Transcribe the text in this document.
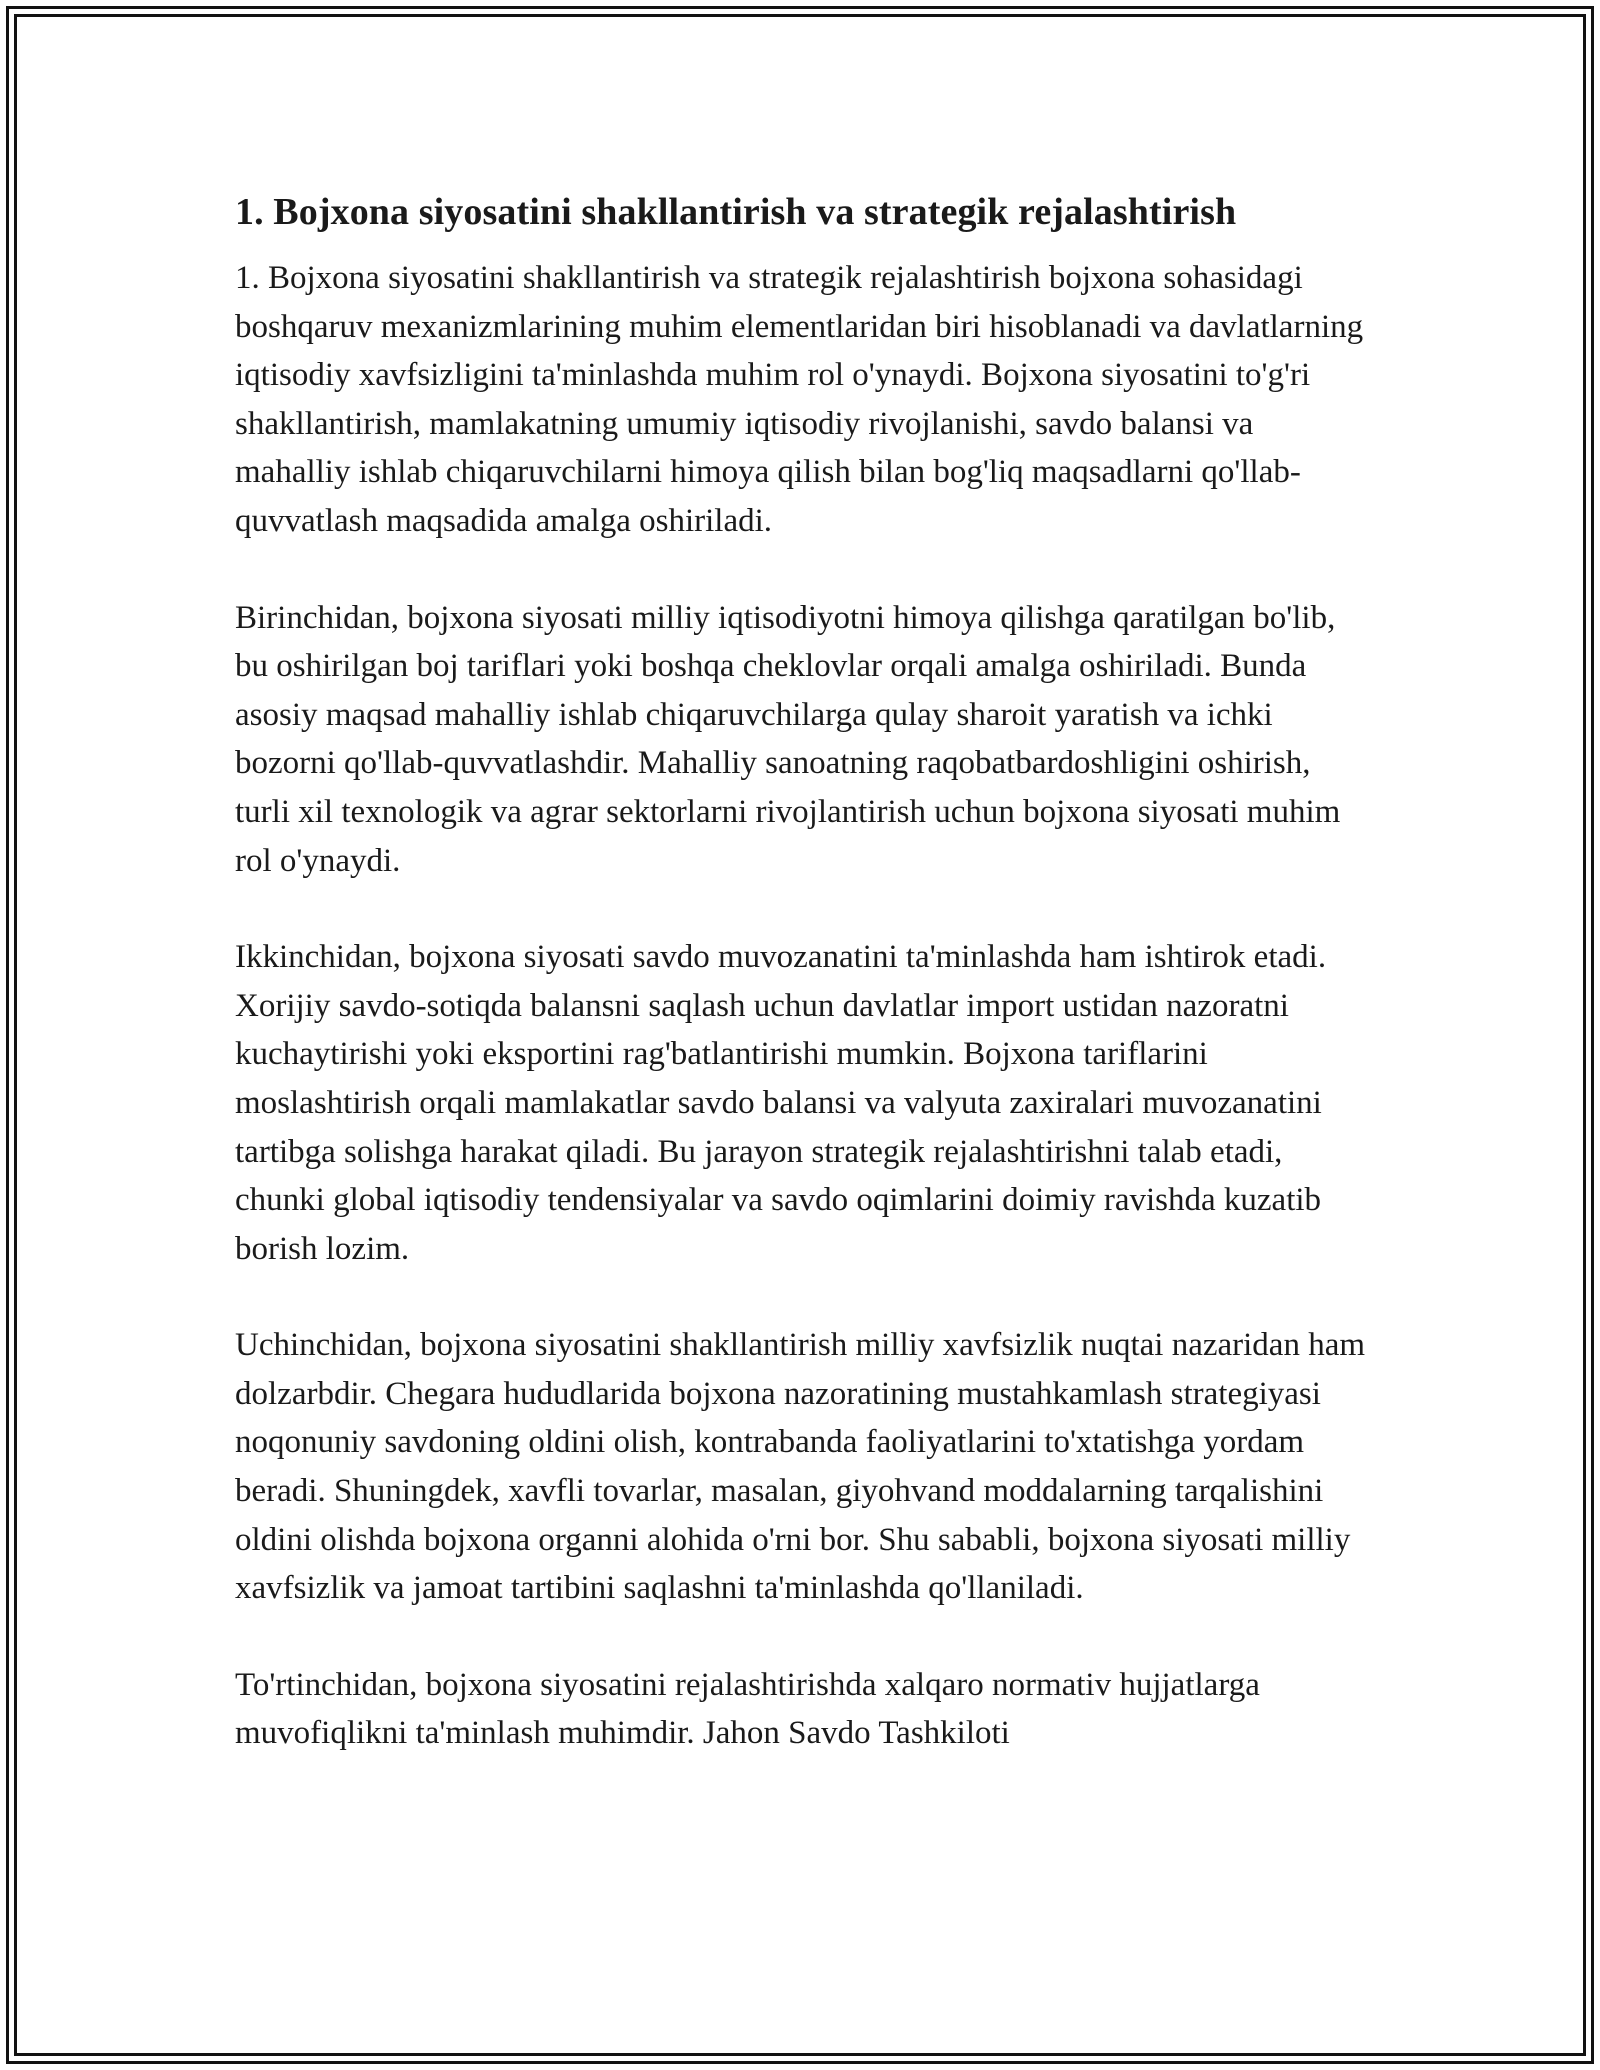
1. Bojxona siyosatini shakllantirish va strategik rejalashtirish

1. Bojxona siyosatini shakllantirish va strategik rejalashtirish bojxona sohasidagi boshqaruv mexanizmlarining muhim elementlaridan biri hisoblanadi va davlatlarning iqtisodiy xavfsizligini ta'minlashda muhim rol o'ynaydi. Bojxona siyosatini to'g'ri shakllantirish, mamlakatning umumiy iqtisodiy rivojlanishi, savdo balansi va mahalliy ishlab chiqaruvchilarni himoya qilish bilan bog'liq maqsadlarni qo'llab-quvvatlash maqsadida amalga oshiriladi.

Birinchidan, bojxona siyosati milliy iqtisodiyotni himoya qilishga qaratilgan bo'lib, bu oshirilgan boj tariflari yoki boshqa cheklovlar orqali amalga oshiriladi. Bunda asosiy maqsad mahalliy ishlab chiqaruvchilarga qulay sharoit yaratish va ichki bozorni qo'llab-quvvatlashdir. Mahalliy sanoatning raqobatbardoshligini oshirish, turli xil texnologik va agrar sektorlarni rivojlantirish uchun bojxona siyosati muhim rol o'ynaydi.

Ikkinchidan, bojxona siyosati savdo muvozanatini ta'minlashda ham ishtirok etadi. Xorijiy savdo-sotiqda balansni saqlash uchun davlatlar import ustidan nazoratni kuchaytirishi yoki eksportini rag'batlantirishi mumkin. Bojxona tariflarini moslashtirish orqali mamlakatlar savdo balansi va valyuta zaxiralari muvozanatini tartibga solishga harakat qiladi. Bu jarayon strategik rejalashtirishni talab etadi, chunki global iqtisodiy tendensiyalar va savdo oqimlarini doimiy ravishda kuzatib borish lozim.

Uchinchidan, bojxona siyosatini shakllantirish milliy xavfsizlik nuqtai nazaridan ham dolzarbdir. Chegara hududlarida bojxona nazoratining mustahkamlash strategiyasi noqonuniy savdoning oldini olish, kontrabanda faoliyatlarini to'xtatishga yordam beradi. Shuningdek, xavfli tovarlar, masalan, giyohvand moddalarning tarqalishini oldini olishda bojxona organni alohida o'rni bor. Shu sababli, bojxona siyosati milliy xavfsizlik va jamoat tartibini saqlashni ta'minlashda qo'llaniladi.

To'rtinchidan, bojxona siyosatini rejalashtirishda xalqaro normativ hujjatlarga muvofiqlikni ta'minlash muhimdir. Jahon Savdo Tashkiloti
